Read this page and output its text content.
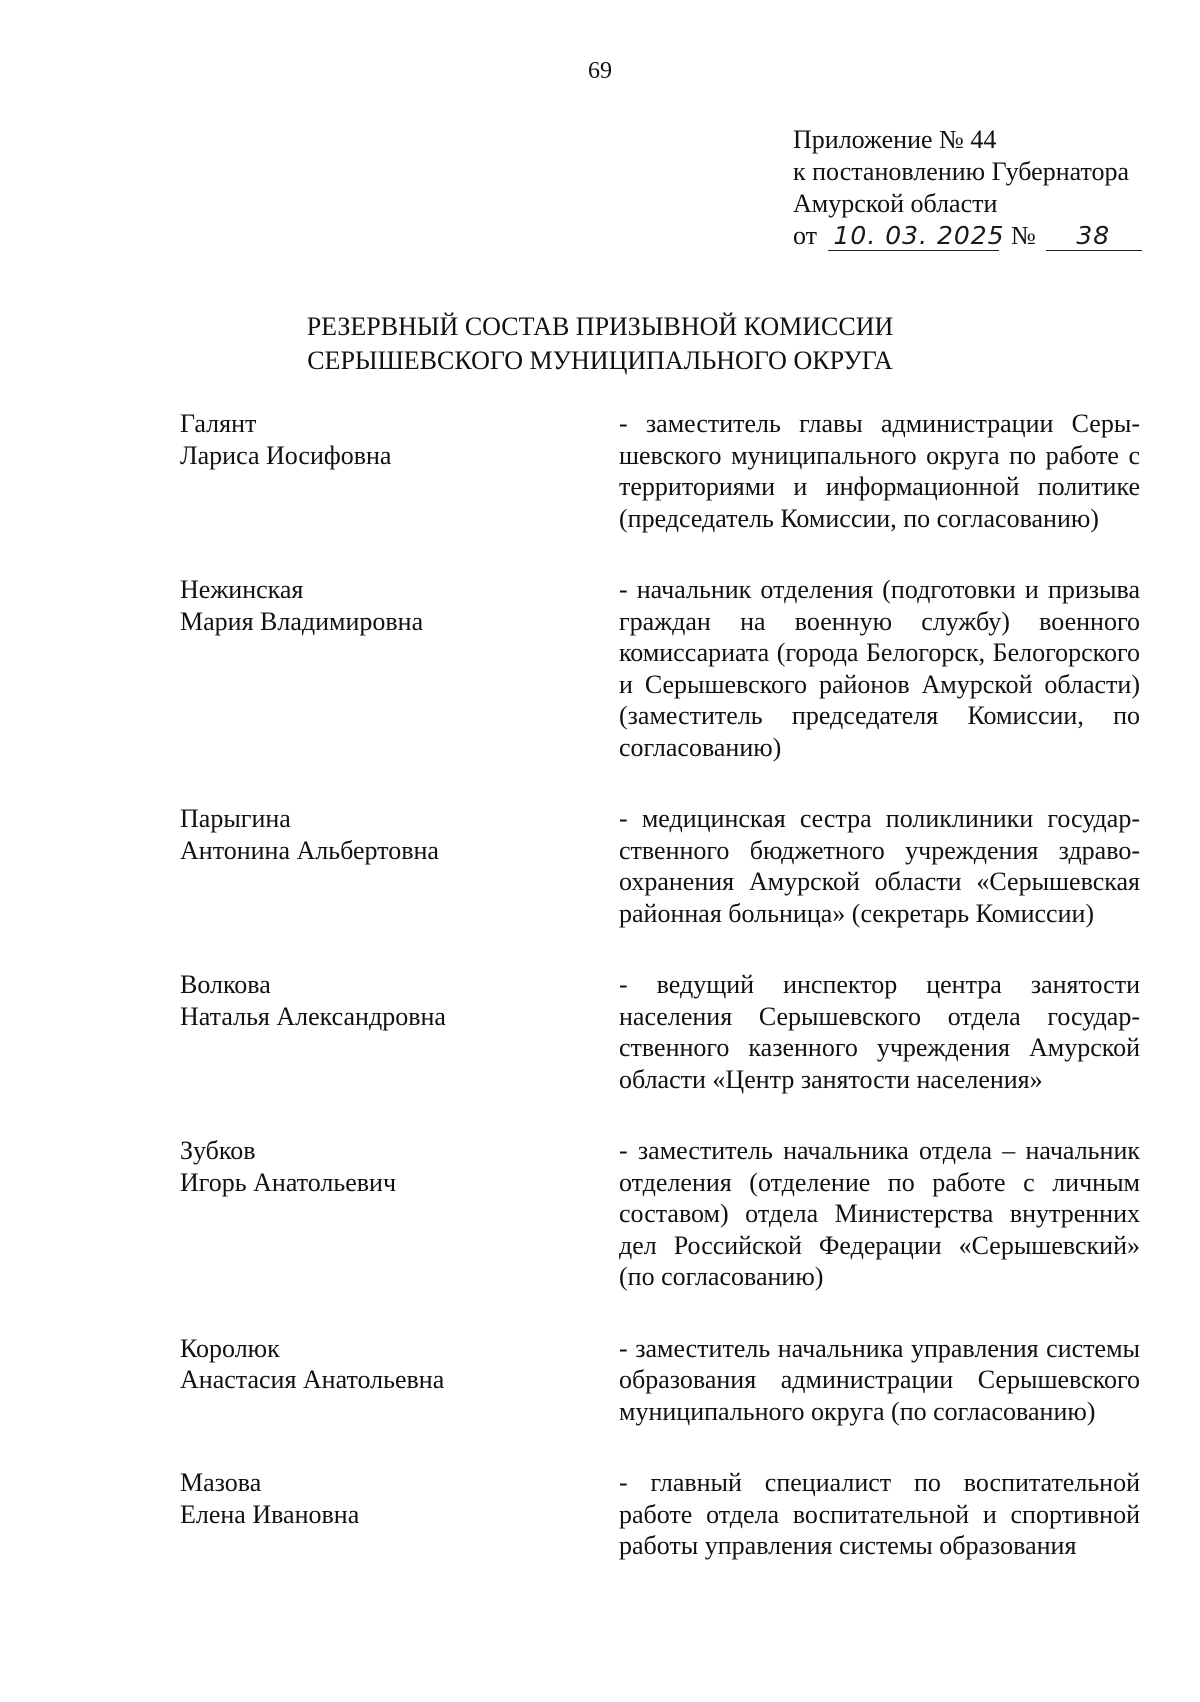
69
Приложение № 44
к постановлению Губернатора
Амурской области
от 10. 03. 2025 № 38
РЕЗЕРВНЫЙ СОСТАВ ПРИЗЫВНОЙ КОМИССИИ
СЕРЫШЕВСКОГО МУНИЦИПАЛЬНОГО ОКРУГА
Галянт
Лариса Иосифовна
- заместитель главы администрации Серышевского муниципального округа по работе с территориями и информационной политике (председатель Комиссии, по согласованию)
Нежинская
Мария Владимировна
- начальник отделения (подготовки и призыва граждан на военную службу) военного комиссариата (города Белогорск, Белогорского и Серышевского районов Амурской области) (заместитель председателя Комиссии, по согласованию)
Парыгина
Антонина Альбертовна
- медицинская сестра поликлиники государственного бюджетного учреждения здравоохранения Амурской области «Серышевская районная больница» (секретарь Комиссии)
Волкова
Наталья Александровна
- ведущий инспектор центра занятости населения Серышевского отдела государственного казенного учреждения Амурской области «Центр занятости населения»
Зубков
Игорь Анатольевич
- заместитель начальника отдела – начальник отделения (отделение по работе с личным составом) отдела Министерства внутренних дел Российской Федерации «Серышевский» (по согласованию)
Королюк
Анастасия Анатольевна
- заместитель начальника управления системы образования администрации Серышевского муниципального округа (по согласованию)
Мазова
Елена Ивановна
- главный специалист по воспитательной работе отдела воспитательной и спортивной работы управления системы образования
